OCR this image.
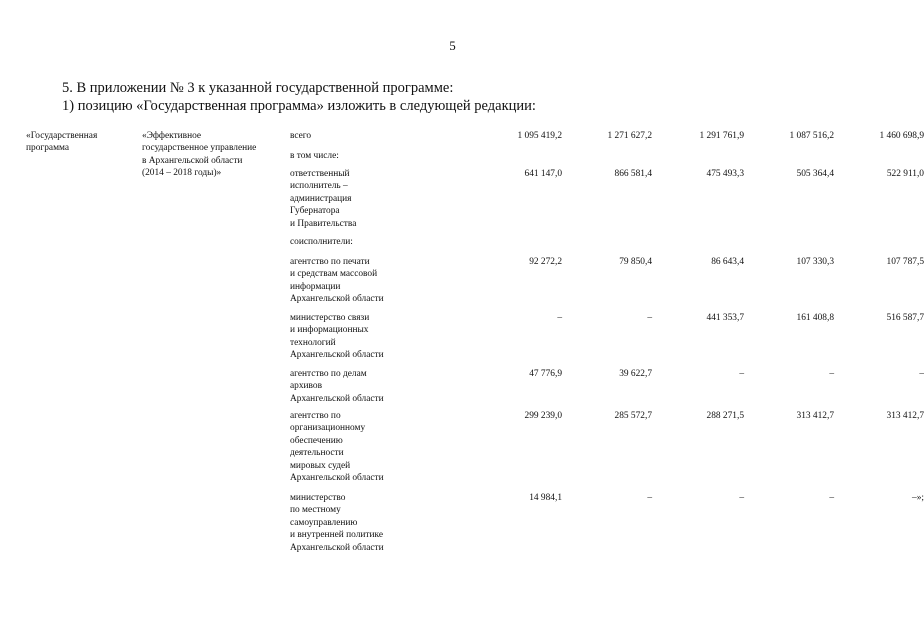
5
5. В приложении № 3 к указанной государственной программе:
1) позицию «Государственная программа» изложить в следующей редакции:
«Государственная
программа
«Эффективное
государственное управление
в Архангельской области
(2014 – 2018 годы)»
всего	1 095 419,2	1 271 627,2	1 291 761,9	1 087 516,2	1 460 698,9
в том числе:
ответственный
исполнитель –
администрация
Губернатора
и Правительства
641 147,0	866 581,4	475 493,3	505 364,4	522 911,0
соисполнители:
агентство по печати
и средствам массовой
информации
Архангельской области
92 272,2	79 850,4	86 643,4	107 330,3	107 787,5
министерство связи
и информационных
технологий
Архангельской области
–	–	441 353,7	161 408,8	516 587,7
агентство по делам
архивов
Архангельской области
47 776,9	39 622,7	–	–	–
агентство по
организационному
обеспечению
деятельности
мировых судей
Архангельской области
299 239,0	285 572,7	288 271,5	313 412,7	313 412,7
министерство
по местному
самоуправлению
и внутренней политике
Архангельской области
14 984,1	–	–	–	–»;
